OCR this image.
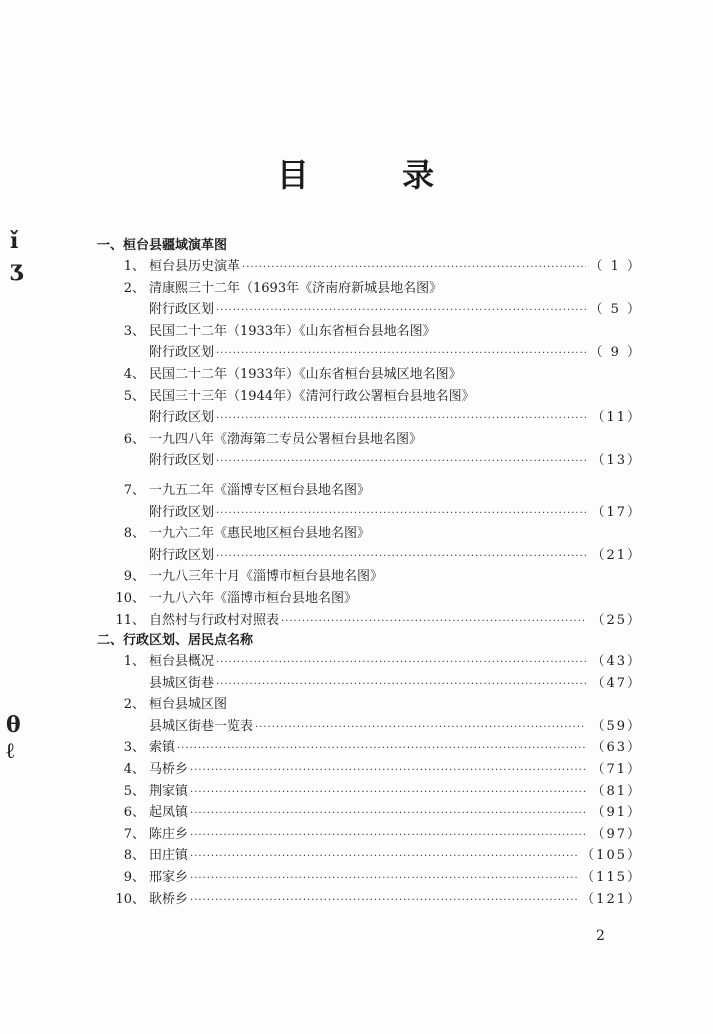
目 录
ǐ
ʒ
θ
ℓ
一、桓台县疆域演革图
1、 桓台县历史演革 ·····	（ 1 ）
2、 清康熙三十二年（1693年《济南府新城县地名图》
附行政区划 ·····	（ 5 ）
3、 民国二十二年（1933年）《山东省桓台县地名图》
附行政区划 ·····	（ 9 ）
4、 民国二十二年（1933年）《山东省桓台县城区地名图》
5、 民国三十三年（1944年）《清河行政公署桓台县地名图》
附行政区划 ·····	（11）
6、 一九四八年《渤海第二专员公署桓台县地名图》
附行政区划 ·····	（13）
7、 一九五二年《淄博专区桓台县地名图》
附行政区划 ·····	（17）
8、 一九六二年《惠民地区桓台县地名图》
附行政区划 ·····	（21）
9、 一九八三年十月《淄博市桓台县地名图》
10、 一九八六年《淄博市桓台县地名图》
11、 自然村与行政村对照表 ·····	（25）
二、行政区划、居民点名称
1、 桓台县概况 ·····	（43）
县城区街巷 ·····	（47）
2、 桓台县城区图
县城区街巷一览表 ·····	（59）
3、 索镇 ·····	（63）
4、 马桥乡 ·····	（71）
5、 荆家镇 ·····	（81）
6、 起凤镇 ·····	（91）
7、 陈庄乡 ·····	（97）
8、 田庄镇 ·····	（105）
9、 邢家乡 ·····	（115）
10、 耿桥乡 ·····	（121）
2
